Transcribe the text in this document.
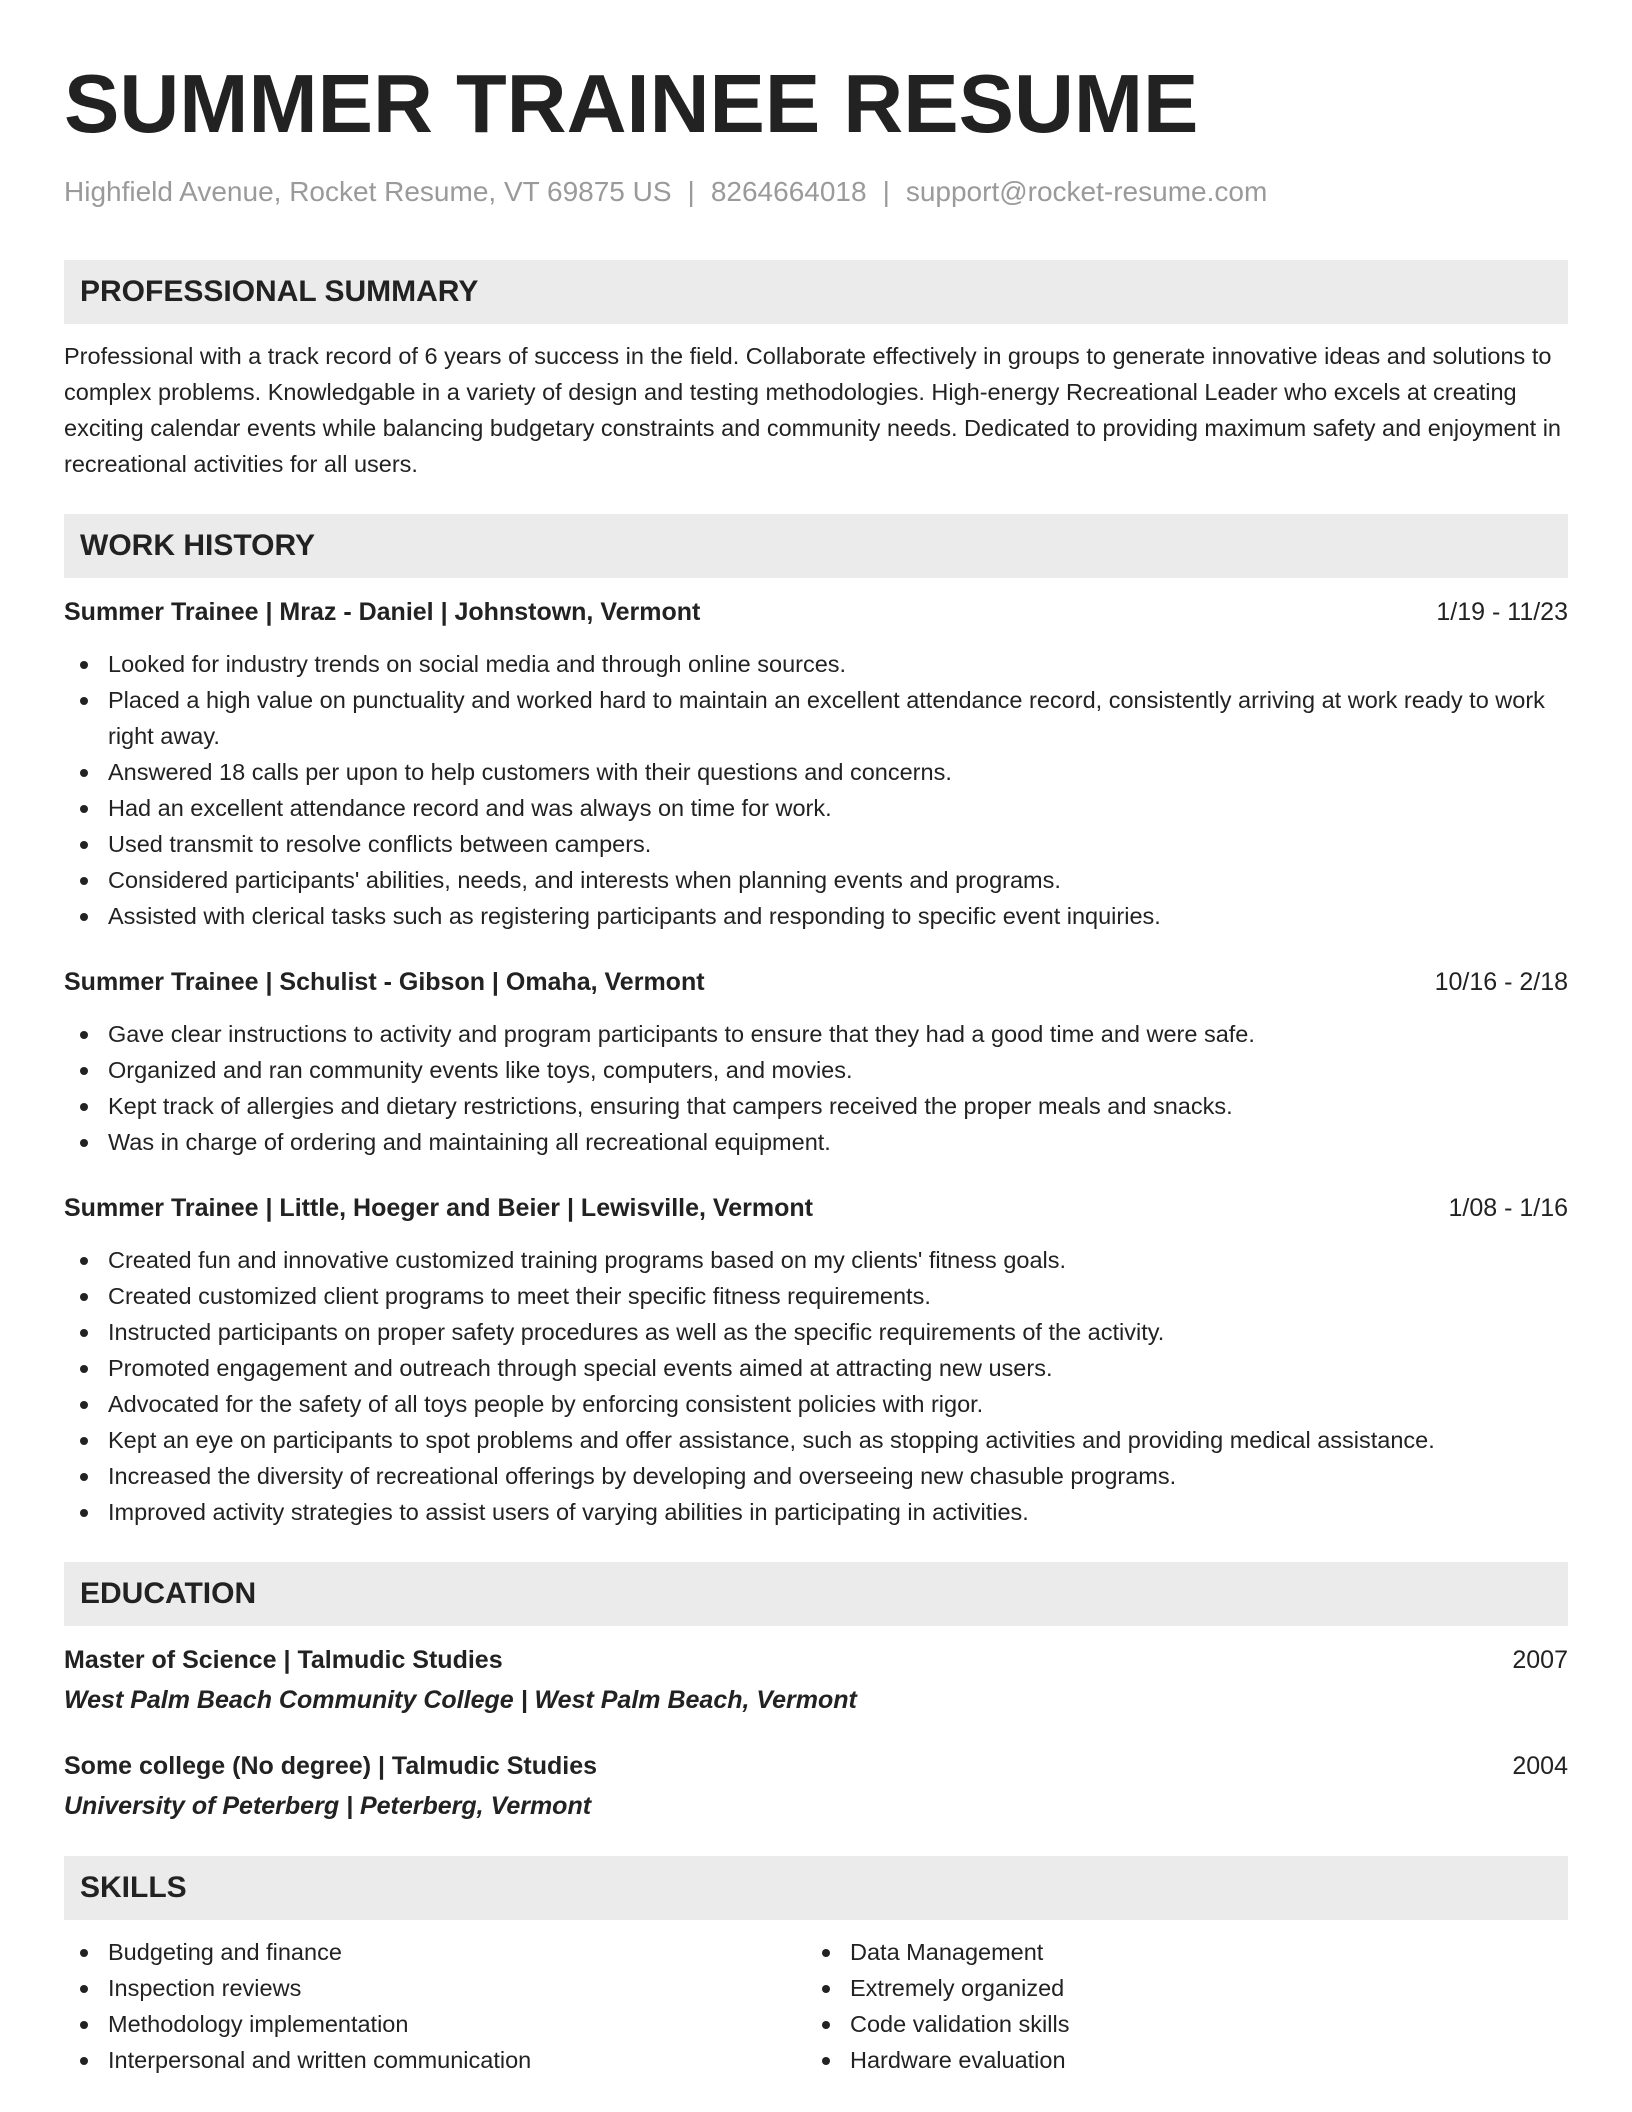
SUMMER TRAINEE RESUME
Highfield Avenue, Rocket Resume, VT 69875 US | 8264664018 | support@rocket-resume.com
PROFESSIONAL SUMMARY
Professional with a track record of 6 years of success in the field. Collaborate effectively in groups to generate innovative ideas and solutions to complex problems. Knowledgable in a variety of design and testing methodologies. High-energy Recreational Leader who excels at creating exciting calendar events while balancing budgetary constraints and community needs. Dedicated to providing maximum safety and enjoyment in recreational activities for all users.
WORK HISTORY
Summer Trainee | Mraz - Daniel | Johnstown, Vermont	1/19 - 11/23
Looked for industry trends on social media and through online sources.
Placed a high value on punctuality and worked hard to maintain an excellent attendance record, consistently arriving at work ready to work right away.
Answered 18 calls per upon to help customers with their questions and concerns.
Had an excellent attendance record and was always on time for work.
Used transmit to resolve conflicts between campers.
Considered participants' abilities, needs, and interests when planning events and programs.
Assisted with clerical tasks such as registering participants and responding to specific event inquiries.
Summer Trainee | Schulist - Gibson | Omaha, Vermont	10/16 - 2/18
Gave clear instructions to activity and program participants to ensure that they had a good time and were safe.
Organized and ran community events like toys, computers, and movies.
Kept track of allergies and dietary restrictions, ensuring that campers received the proper meals and snacks.
Was in charge of ordering and maintaining all recreational equipment.
Summer Trainee | Little, Hoeger and Beier | Lewisville, Vermont	1/08 - 1/16
Created fun and innovative customized training programs based on my clients' fitness goals.
Created customized client programs to meet their specific fitness requirements.
Instructed participants on proper safety procedures as well as the specific requirements of the activity.
Promoted engagement and outreach through special events aimed at attracting new users.
Advocated for the safety of all toys people by enforcing consistent policies with rigor.
Kept an eye on participants to spot problems and offer assistance, such as stopping activities and providing medical assistance.
Increased the diversity of recreational offerings by developing and overseeing new chasuble programs.
Improved activity strategies to assist users of varying abilities in participating in activities.
EDUCATION
Master of Science | Talmudic Studies	2007
West Palm Beach Community College | West Palm Beach, Vermont
Some college (No degree) | Talmudic Studies	2004
University of Peterberg | Peterberg, Vermont
SKILLS
Budgeting and finance
Inspection reviews
Methodology implementation
Interpersonal and written communication
Data Management
Extremely organized
Code validation skills
Hardware evaluation
